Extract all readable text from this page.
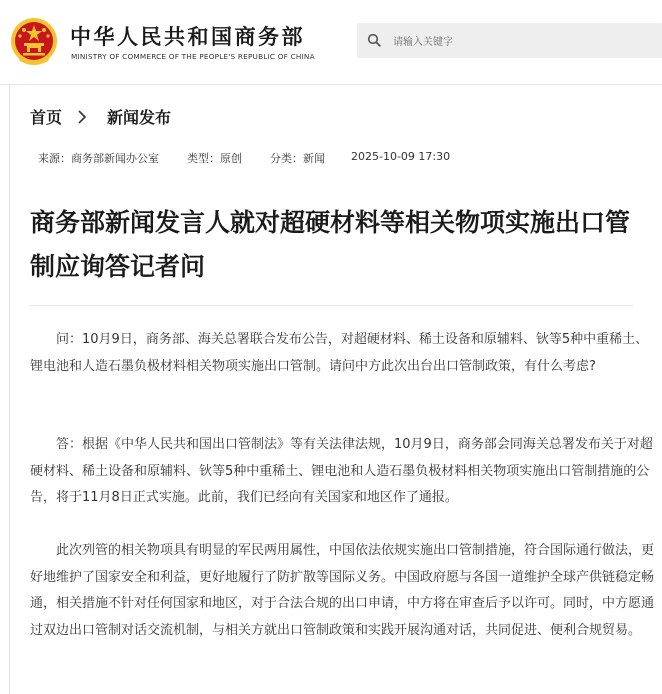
中华人民共和国商务部
MINISTRY OF COMMERCE OF THE PEOPLE'S REPUBLIC OF CHINA
请输入关键字
首页	新闻发布
来源：商务部新闻办公室	类型：原创	分类：新闻 2025-10-09 17:30
商务部新闻发言人就对超硬材料等相关物项实施出口管制应询答记者问

问：10月9日，商务部、海关总署联合发布公告，对超硬材料、稀土设备和原辅料、钬等5种中重稀土、锂电池和人造石墨负极材料相关物项实施出口管制。请问中方此次出台出口管制政策，有什么考虑?

答：根据《中华人民共和国出口管制法》等有关法律法规，10月9日，商务部会同海关总署发布关于对超硬材料、稀土设备和原辅料、钬等5种中重稀土、锂电池和人造石墨负极材料相关物项实施出口管制措施的公告，将于11月8日正式实施。此前，我们已经向有关国家和地区作了通报。

此次列管的相关物项具有明显的军民两用属性，中国依法依规实施出口管制措施，符合国际通行做法，更好地维护了国家安全和利益，更好地履行了防扩散等国际义务。中国政府愿与各国一道维护全球产供链稳定畅通，相关措施不针对任何国家和地区，对于合法合规的出口申请，中方将在审查后予以许可。同时，中方愿通过双边出口管制对话交流机制，与相关方就出口管制政策和实践开展沟通对话，共同促进、便利合规贸易。
